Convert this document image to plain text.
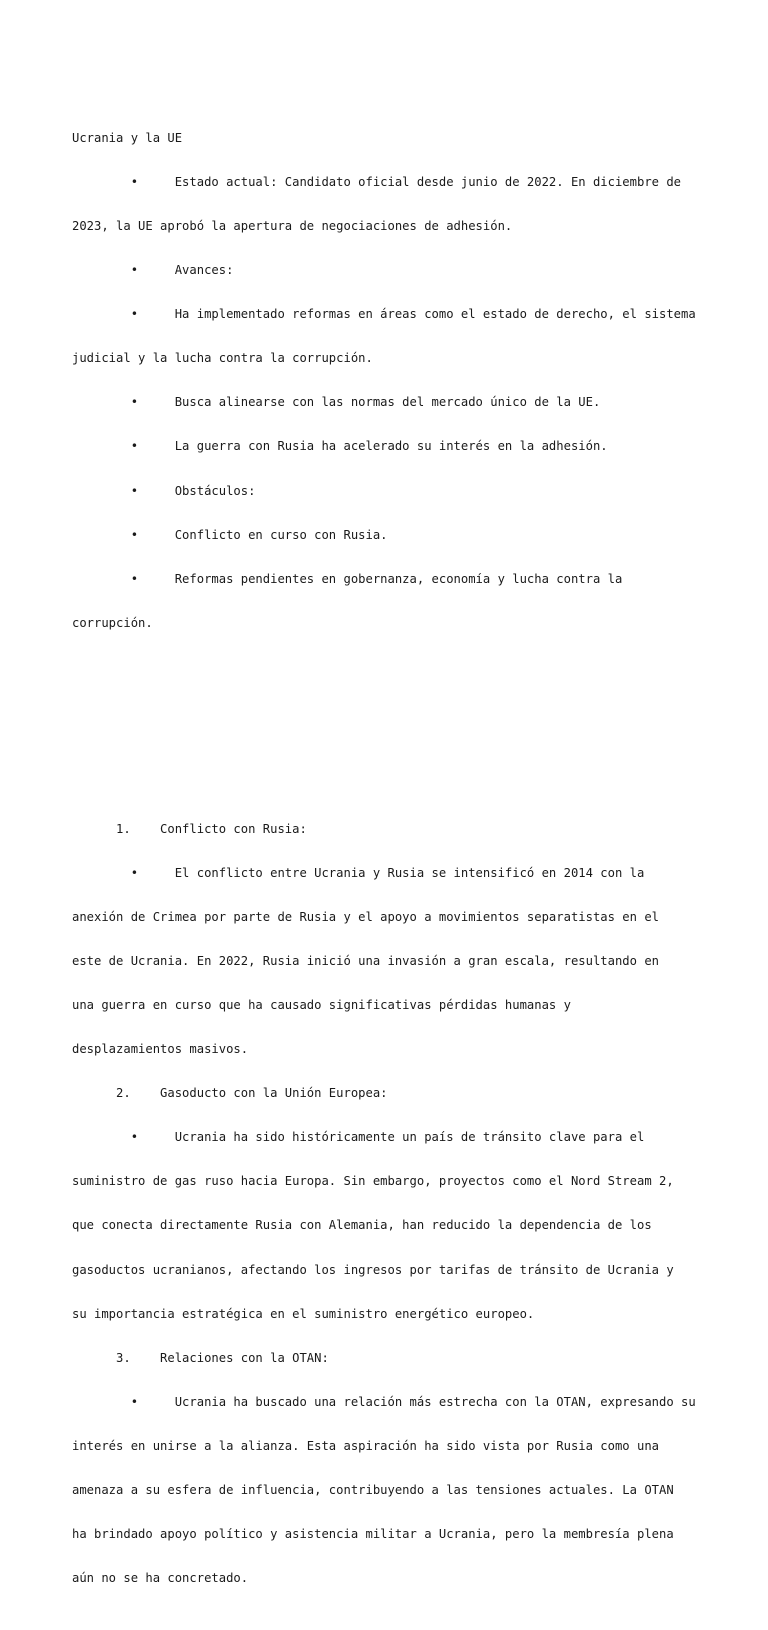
Ucrania y la UE

•     Estado actual: Candidato oficial desde junio de 2022. En diciembre de

2023, la UE aprobó la apertura de negociaciones de adhesión.

•     Avances:

•     Ha implementado reformas en áreas como el estado de derecho, el sistema

judicial y la lucha contra la corrupción.

•     Busca alinearse con las normas del mercado único de la UE.

•     La guerra con Rusia ha acelerado su interés en la adhesión.

•     Obstáculos:

•     Conflicto en curso con Rusia.

•     Reformas pendientes en gobernanza, economía y lucha contra la

corrupción.

1.    Conflicto con Rusia:

•     El conflicto entre Ucrania y Rusia se intensificó en 2014 con la

anexión de Crimea por parte de Rusia y el apoyo a movimientos separatistas en el

este de Ucrania. En 2022, Rusia inició una invasión a gran escala, resultando en

una guerra en curso que ha causado significativas pérdidas humanas y

desplazamientos masivos.

2.    Gasoducto con la Unión Europea:

•     Ucrania ha sido históricamente un país de tránsito clave para el

suministro de gas ruso hacia Europa. Sin embargo, proyectos como el Nord Stream 2,

que conecta directamente Rusia con Alemania, han reducido la dependencia de los

gasoductos ucranianos, afectando los ingresos por tarifas de tránsito de Ucrania y

su importancia estratégica en el suministro energético europeo.

3.    Relaciones con la OTAN:

•     Ucrania ha buscado una relación más estrecha con la OTAN, expresando su

interés en unirse a la alianza. Esta aspiración ha sido vista por Rusia como una

amenaza a su esfera de influencia, contribuyendo a las tensiones actuales. La OTAN

ha brindado apoyo político y asistencia militar a Ucrania, pero la membresía plena

aún no se ha concretado.
